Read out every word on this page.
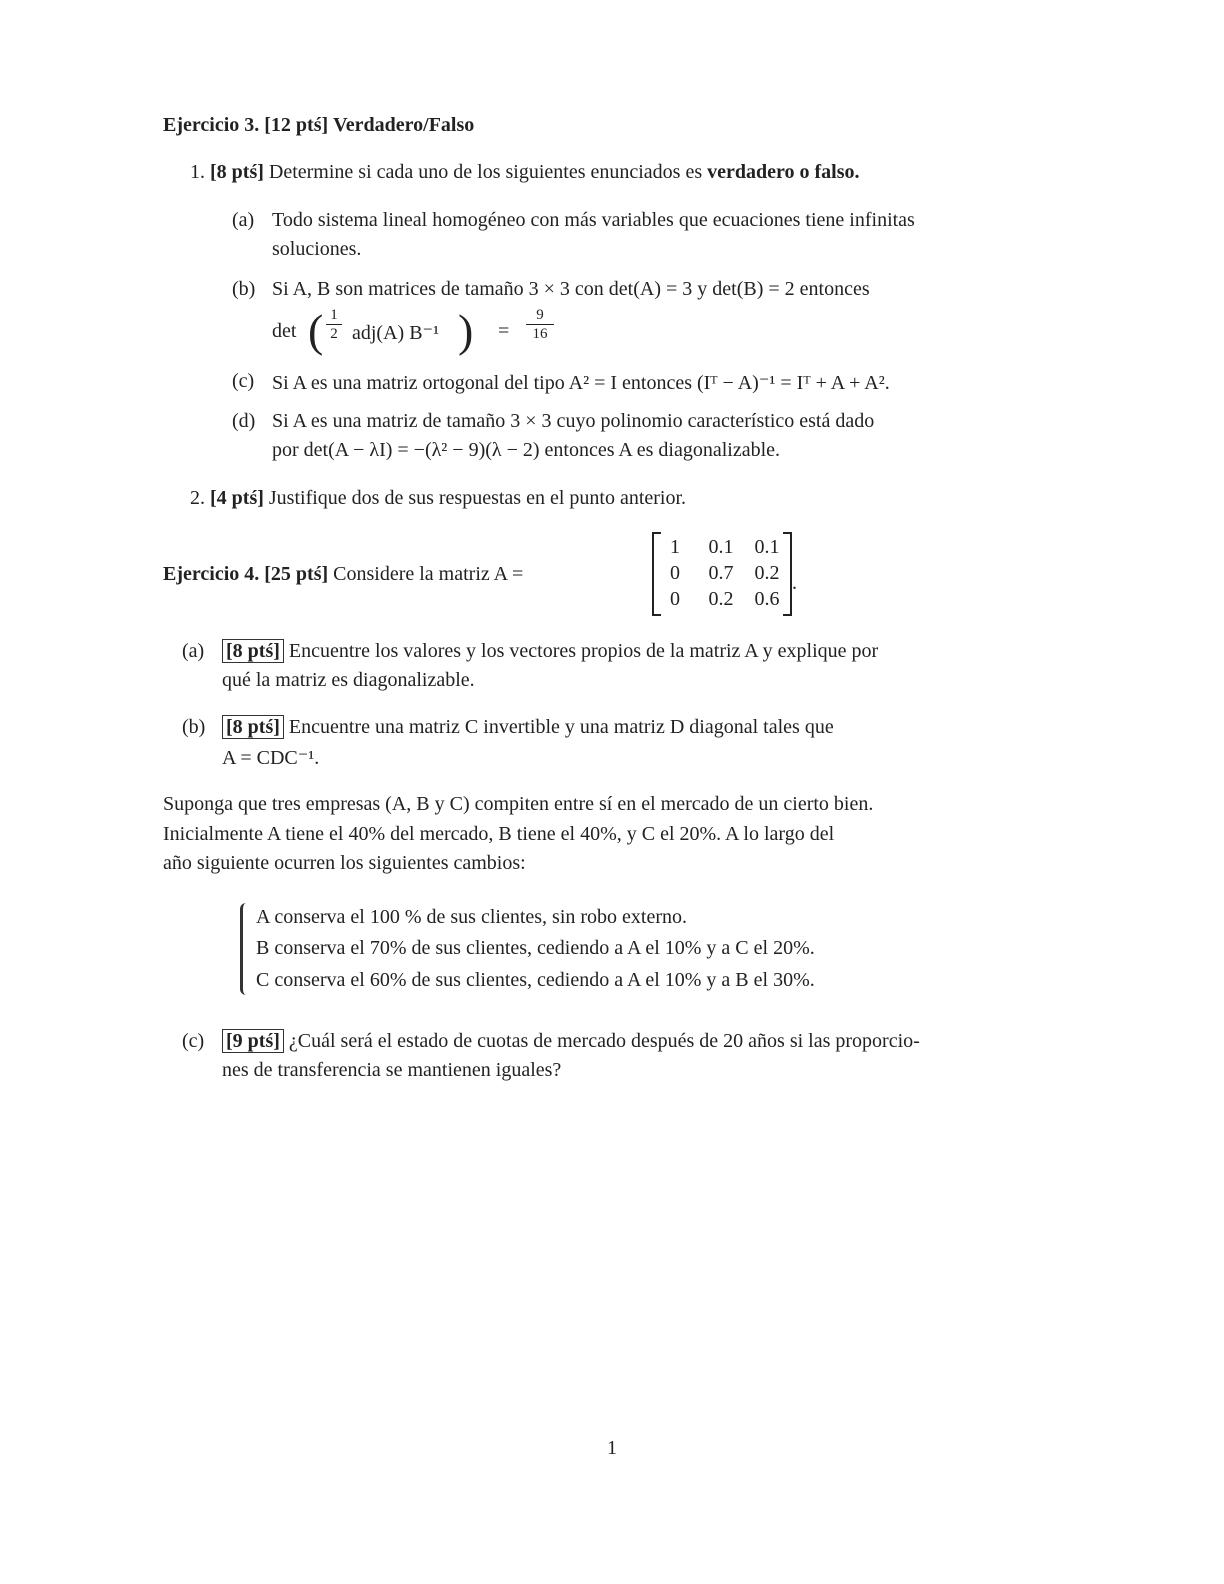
Ejercicio 3. [12 ptś] Verdadero/Falso
1. [8 ptś] Determine si cada uno de los siguientes enunciados es verdadero o falso.
(a) Todo sistema lineal homogéneo con más variables que ecuaciones tiene infinitas
soluciones.
(b) Si A, B son matrices de tamaño 3 × 3 con det(A) = 3 y det(B) = 2 entonces
det ( $\frac{1}{2} adj(A)$ B⁻¹ ) = $\frac{9}{16}$
(c) Si A es una matriz ortogonal del tipo A² = I entonces (Iᵀ − A)⁻¹ = Iᵀ + A + A².
(d) Si A es una matriz de tamaño 3 × 3 cuyo polinomio característico está dado
por det(A − λI) = −(λ² − 9)(λ − 2) entonces A es diagonalizable.
2. [4 ptś] Justifique dos de sus respuestas en el punto anterior.
Ejercicio 4. [25 ptś] Considere la matriz A =
1	0.1 0.1
0	0.7 0.2
0	0.2 0.6
.
(a) [8 ptś] Encuentre los valores y los vectores propios de la matriz A y explique por
qué la matriz es diagonalizable.
(b) [8 ptś] Encuentre una matriz C invertible y una matriz D diagonal tales que
A = CDC⁻¹.
Suponga que tres empresas (A, B y C) compiten entre sí en el mercado de un cierto bien.
Inicialmente A tiene el 40% del mercado, B tiene el 40%, y C el 20%. A lo largo del
año siguiente ocurren los siguientes cambios:
A conserva el 100 % de sus clientes, sin robo externo.
B conserva el 70% de sus clientes, cediendo a A el 10% y a C el 20%.
C conserva el 60% de sus clientes, cediendo a A el 10% y a B el 30%.
(c) [9 ptś] ¿Cuál será el estado de cuotas de mercado después de 20 años si las proporcio-
nes de transferencia se mantienen iguales?
1
